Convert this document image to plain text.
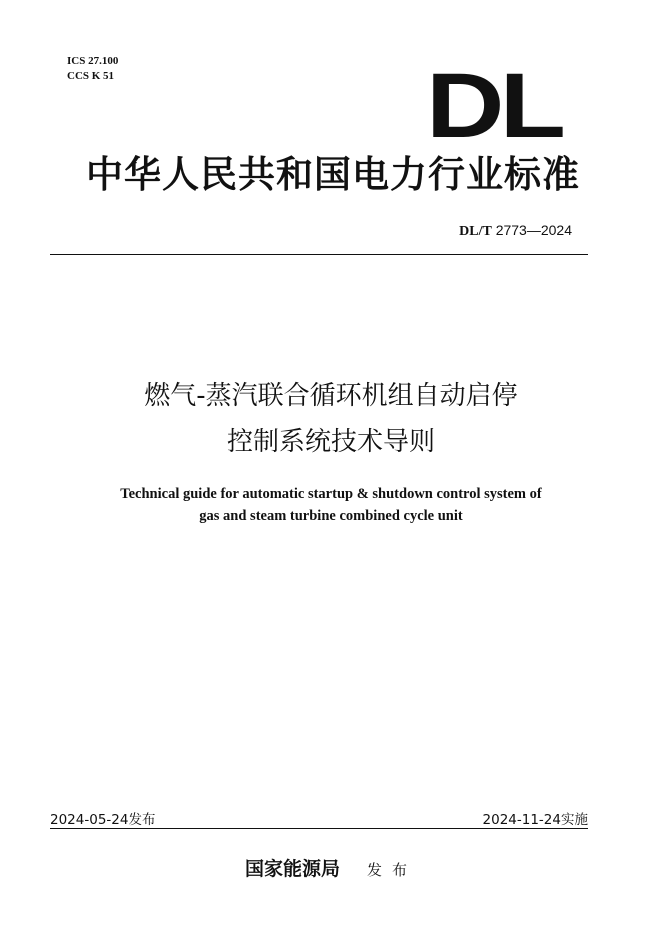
ICS 27.100
CCS K 51	DL
中华人民共和国电力行业标准
DL/T 2773—2024
燃气-蒸汽联合循环机组自动启停
控制系统技术导则
Technical guide for automatic startup & shutdown control system of
gas and steam turbine combined cycle unit
2024-05-24发布	2024-11-24实施
国家能源局 发布
